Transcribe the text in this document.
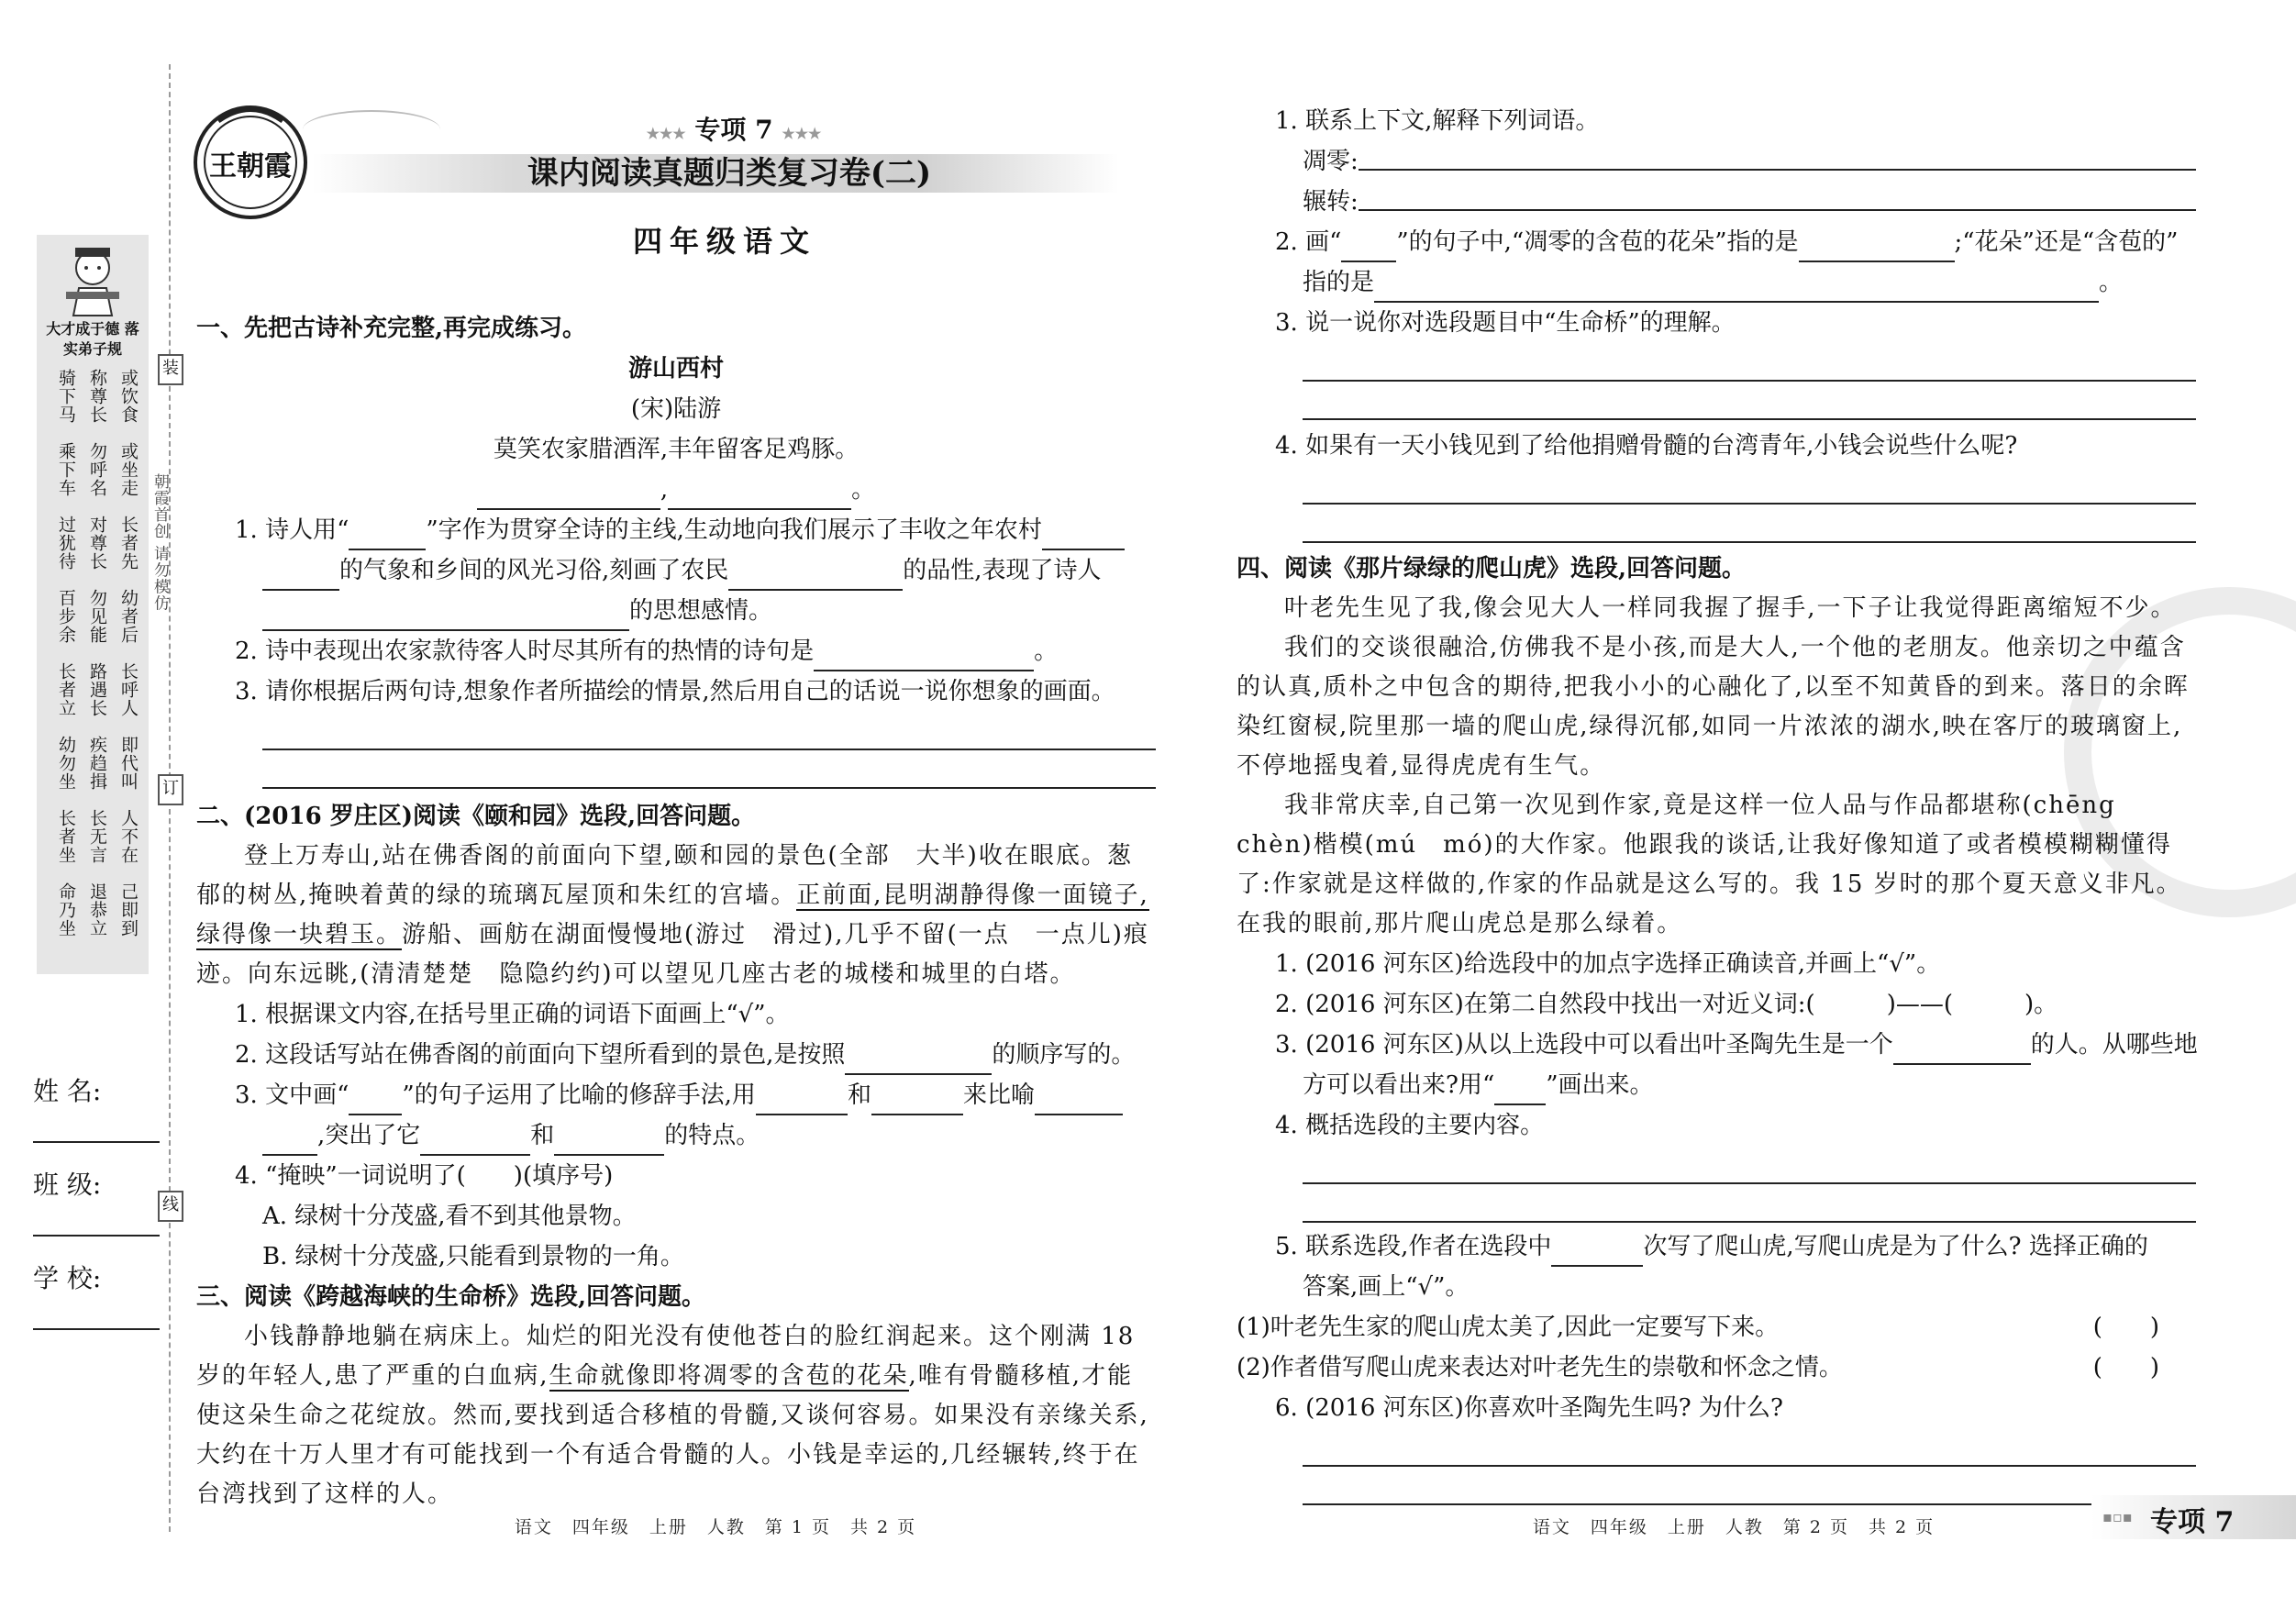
装
订
线
大才成于德 落实弟子规
骑下马 称尊长 或饮食
乘下车 勿呼名 或坐走
过犹待 对尊长 长者先
百步余 勿见能 幼者后
长者立 路遇长 长呼人
幼勿坐 疾趋揖 即代叫
长者坐 长无言 人不在
命乃坐 退恭立 己即到
朝霞首创 请勿模仿
姓 名:
班 级:
学 校:
王朝霞
★★★ 专项 7 ★★★
课内阅读真题归类复习卷(二)
四年级语文
一、先把古诗补充完整,再完成练习。
游山西村
(宋)陆游
莫笑农家腊酒浑,丰年留客足鸡豚。
,	。
1. 诗人用“	”字作为贯穿全诗的主线,生动地向我们展示了丰收之年农村
的气象和乡间的风光习俗,刻画了农民	的品性,表现了诗人
的思想感情。
2. 诗中表现出农家款待客人时尽其所有的热情的诗句是	。
3. 请你根据后两句诗,想象作者所描绘的情景,然后用自己的话说一说你想象的画面。
二、(2016 罗庄区)阅读《颐和园》选段,回答问题。
登上万寿山,站在佛香阁的前面向下望,颐和园的景色(全部　大半)收在眼底。葱郁的树丛,掩映着黄的绿的琉璃瓦屋顶和朱红的宫墙。正前面,昆明湖静得像一面镜子,绿得像一块碧玉。游船、画舫在湖面慢慢地(游过　滑过),几乎不留(一点　一点儿)痕迹。向东远眺,(清清楚楚　隐隐约约)可以望见几座古老的城楼和城里的白塔。
1. 根据课文内容,在括号里正确的词语下面画上“√”。
2. 这段话写站在佛香阁的前面向下望所看到的景色,是按照	的顺序写的。
3. 文中画“ ”的句子运用了比喻的修辞手法,用	和	来比喻
,突出了它	和	的特点。
4. “掩映”一词说明了(　　)(填序号)
A. 绿树十分茂盛,看不到其他景物。
B. 绿树十分茂盛,只能看到景物的一角。
三、阅读《跨越海峡的生命桥》选段,回答问题。
小钱静静地躺在病床上。灿烂的阳光没有使他苍白的脸红润起来。这个刚满 18 岁的年轻人,患了严重的白血病,生命就像即将凋零的含苞的花朵,唯有骨髓移植,才能使这朵生命之花绽放。然而,要找到适合移植的骨髓,又谈何容易。如果没有亲缘关系,大约在十万人里才有可能找到一个有适合骨髓的人。小钱是幸运的,几经辗转,终于在台湾找到了这样的人。
语文　四年级　上册　人教　第 1 页　共 2 页
1. 联系上下文,解释下列词语。
凋零:
辗转:
2. 画“ ”的句子中,“凋零的含苞的花朵”指的是	;“花朵”还是“含苞的”
指的是	。
3. 说一说你对选段题目中“生命桥”的理解。
4. 如果有一天小钱见到了给他捐赠骨髓的台湾青年,小钱会说些什么呢?
四、阅读《那片绿绿的爬山虎》选段,回答问题。
叶老先生见了我,像会见大人一样同我握了握手,一下子让我觉得距离缩短不少。
我们的交谈很融洽,仿佛我不是小孩,而是大人,一个他的老朋友。他亲切之中蕴含的认真,质朴之中包含的期待,把我小小的心融化了,以至不知黄昏的到来。落日的余晖染红窗棂,院里那一墙的爬山虎,绿得沉郁,如同一片浓浓的湖水,映在客厅的玻璃窗上,不停地摇曳着,显得虎虎有生气。
我非常庆幸,自己第一次见到作家,竟是这样一位人品与作品都堪称(chēng　chèn)楷模(mú　mó)的大作家。他跟我的谈话,让我好像知道了或者模模糊糊懂得了:作家就是这样做的,作家的作品就是这么写的。我 15 岁时的那个夏天意义非凡。在我的眼前,那片爬山虎总是那么绿着。
1. (2016 河东区)给选段中的加点字选择正确读音,并画上“√”。
2. (2016 河东区)在第二自然段中找出一对近义词:(　　　)——(　　　)。
3. (2016 河东区)从以上选段中可以看出叶圣陶先生是一个	的人。从哪些地
方可以看出来?用“ ”画出来。
4. 概括选段的主要内容。
5. 联系选段,作者在选段中	次写了爬山虎,写爬山虎是为了什么? 选择正确的
答案,画上“√”。
(1)叶老先生家的爬山虎太美了,因此一定要写下来。	(　　)
(2)作者借写爬山虎来表达对叶老先生的崇敬和怀念之情。	(　　)
6. (2016 河东区)你喜欢叶圣陶先生吗? 为什么?
语文　四年级　上册　人教　第 2 页　共 2 页
▪▫▪ 专项 7
